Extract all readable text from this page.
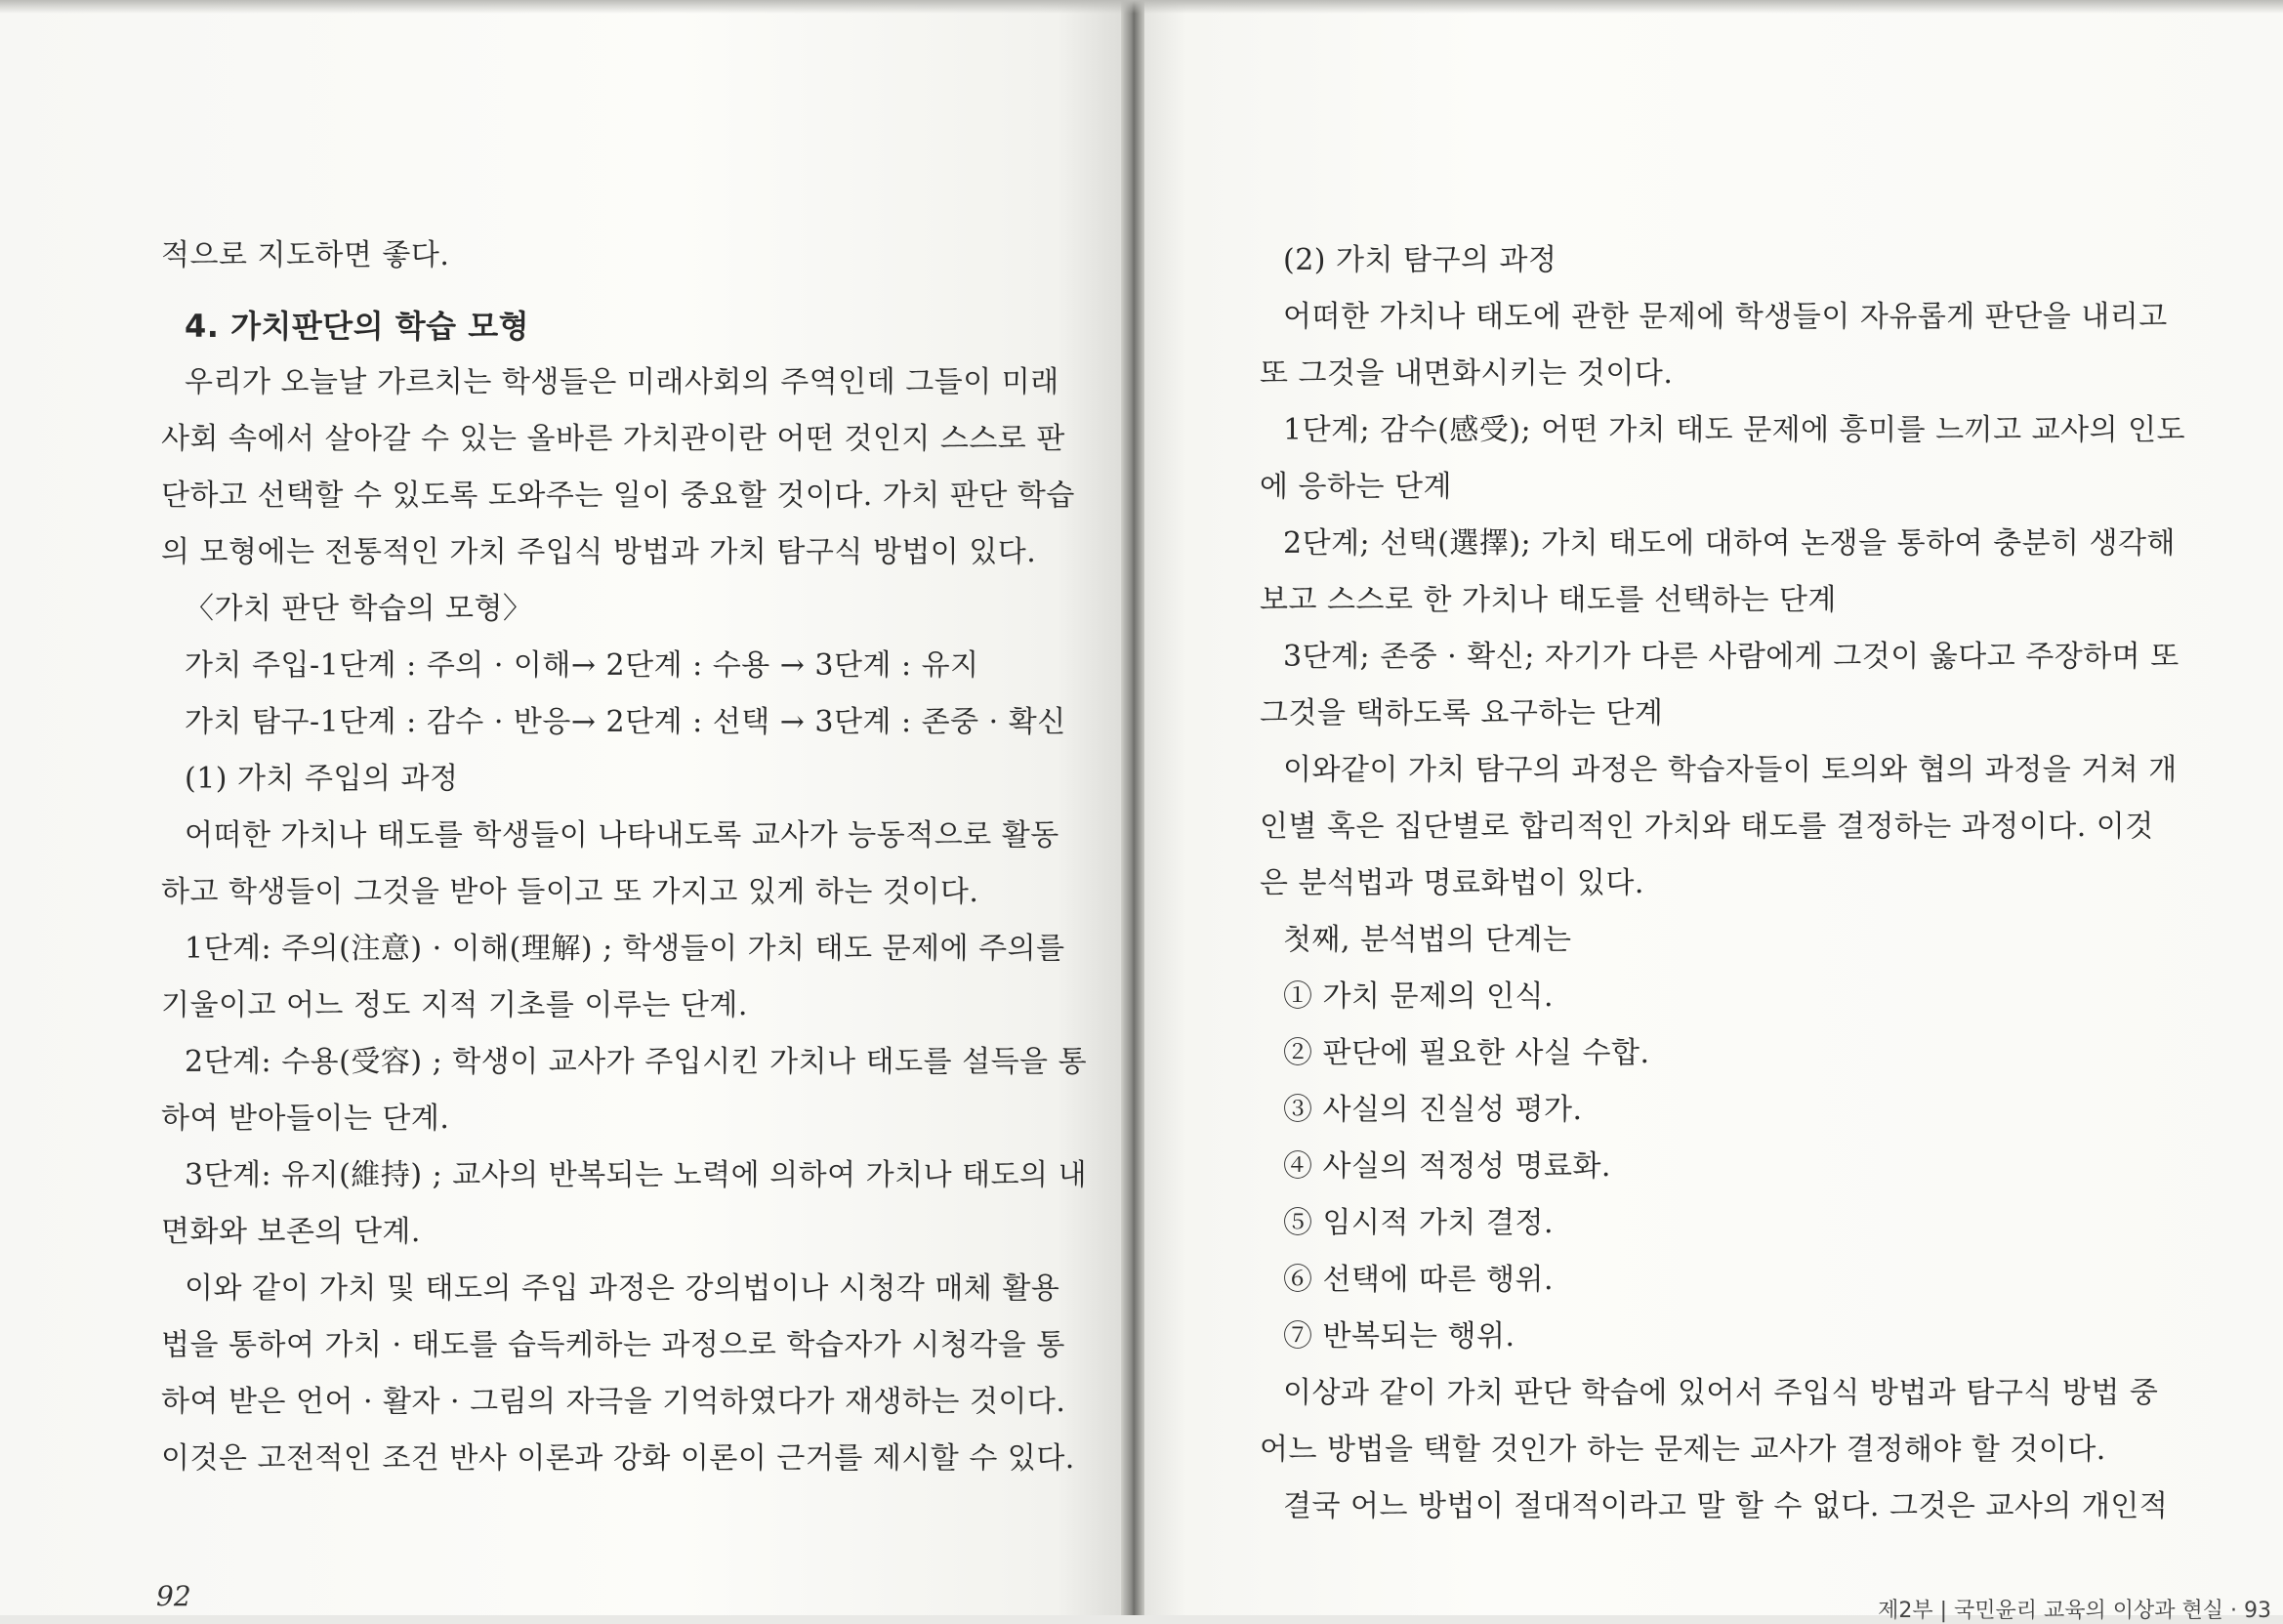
적으로 지도하면 좋다.
4. 가치판단의 학습 모형
우리가 오늘날 가르치는 학생들은 미래사회의 주역인데 그들이 미래
사회 속에서 살아갈 수 있는 올바른 가치관이란 어떤 것인지 스스로 판
단하고 선택할 수 있도록 도와주는 일이 중요할 것이다. 가치 판단 학습
의 모형에는 전통적인 가치 주입식 방법과 가치 탐구식 방법이 있다.
〈가치 판단 학습의 모형〉
가치 주입-1단계 : 주의 · 이해→ 2단계 : 수용 → 3단계 : 유지
가치 탐구-1단계 : 감수 · 반응→ 2단계 : 선택 → 3단계 : 존중 · 확신
(1) 가치 주입의 과정
어떠한 가치나 태도를 학생들이 나타내도록 교사가 능동적으로 활동
하고 학생들이 그것을 받아 들이고 또 가지고 있게 하는 것이다.
1단계: 주의(注意) · 이해(理解) ; 학생들이 가치 태도 문제에 주의를
기울이고 어느 정도 지적 기초를 이루는 단계.
2단계: 수용(受容) ; 학생이 교사가 주입시킨 가치나 태도를 설득을 통
하여 받아들이는 단계.
3단계: 유지(維持) ; 교사의 반복되는 노력에 의하여 가치나 태도의 내
면화와 보존의 단계.
이와 같이 가치 및 태도의 주입 과정은 강의법이나 시청각 매체 활용
법을 통하여 가치 · 태도를 습득케하는 과정으로 학습자가 시청각을 통
하여 받은 언어 · 활자 · 그림의 자극을 기억하였다가 재생하는 것이다.
이것은 고전적인 조건 반사 이론과 강화 이론이 근거를 제시할 수 있다.
92
(2) 가치 탐구의 과정
어떠한 가치나 태도에 관한 문제에 학생들이 자유롭게 판단을 내리고
또 그것을 내면화시키는 것이다.
1단계; 감수(感受); 어떤 가치 태도 문제에 흥미를 느끼고 교사의 인도
에 응하는 단계
2단계; 선택(選擇); 가치 태도에 대하여 논쟁을 통하여 충분히 생각해
보고 스스로 한 가치나 태도를 선택하는 단계
3단계; 존중 · 확신; 자기가 다른 사람에게 그것이 옳다고 주장하며 또
그것을 택하도록 요구하는 단계
이와같이 가치 탐구의 과정은 학습자들이 토의와 협의 과정을 거쳐 개
인별 혹은 집단별로 합리적인 가치와 태도를 결정하는 과정이다. 이것
은 분석법과 명료화법이 있다.
첫째, 분석법의 단계는
① 가치 문제의 인식.
② 판단에 필요한 사실 수합.
③ 사실의 진실성 평가.
④ 사실의 적정성 명료화.
⑤ 임시적 가치 결정.
⑥ 선택에 따른 행위.
⑦ 반복되는 행위.
이상과 같이 가치 판단 학습에 있어서 주입식 방법과 탐구식 방법 중
어느 방법을 택할 것인가 하는 문제는 교사가 결정해야 할 것이다.
결국 어느 방법이 절대적이라고 말 할 수 없다. 그것은 교사의 개인적
제2부 | 국민윤리 교육의 이상과 현실 · 93
